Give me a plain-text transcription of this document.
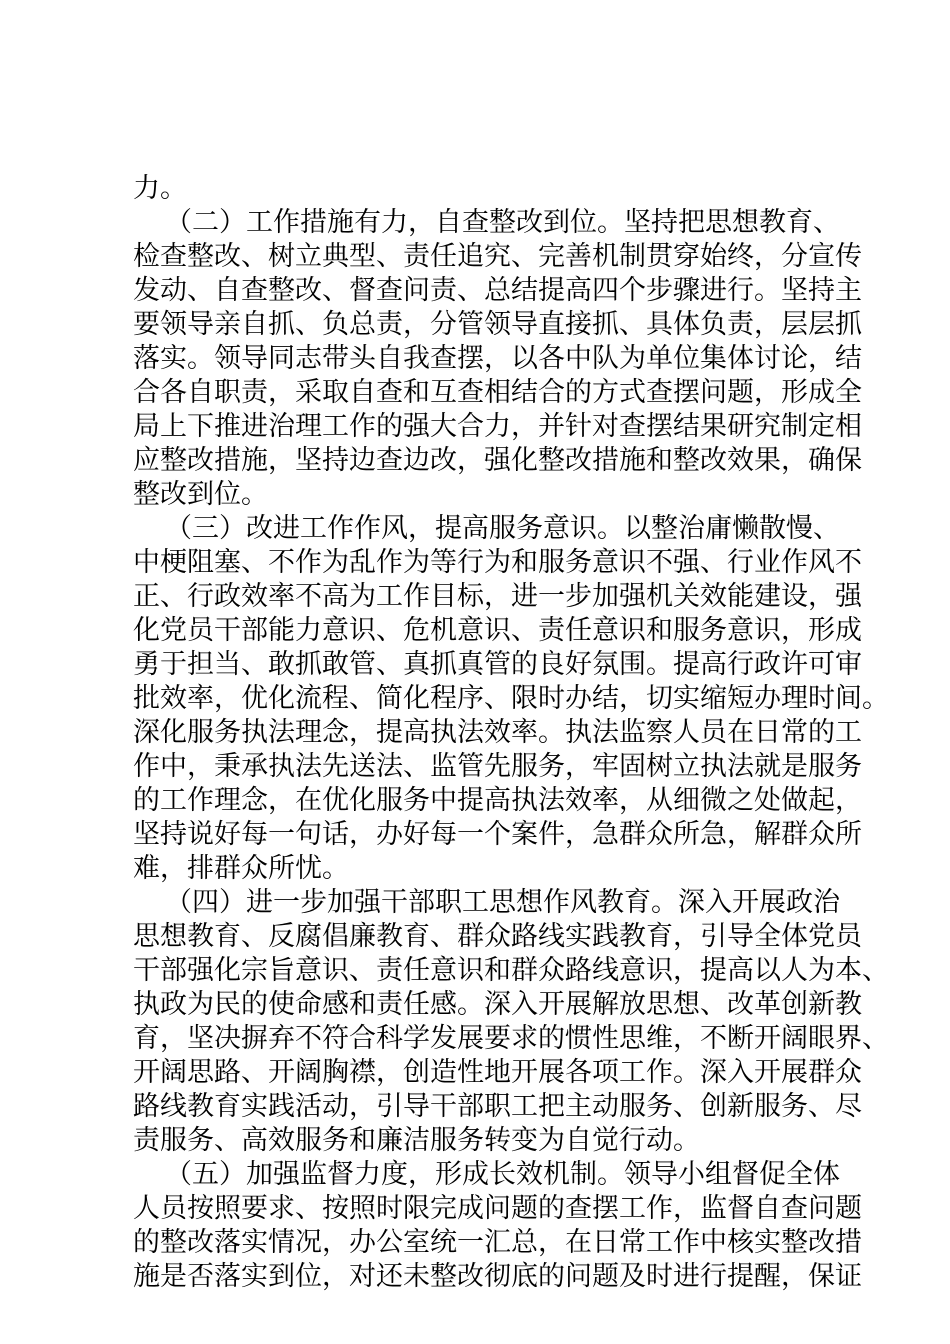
力。
（二）工作措施有力，自查整改到位。坚持把思想教育、
检查整改、树立典型、责任追究、完善机制贯穿始终，分宣传
发动、自查整改、督查问责、总结提高四个步骤进行。坚持主
要领导亲自抓、负总责，分管领导直接抓、具体负责，层层抓
落实。领导同志带头自我查摆，以各中队为单位集体讨论，结
合各自职责，采取自查和互查相结合的方式查摆问题，形成全
局上下推进治理工作的强大合力，并针对查摆结果研究制定相
应整改措施，坚持边查边改，强化整改措施和整改效果，确保
整改到位。
（三）改进工作作风，提高服务意识。以整治庸懒散慢、
中梗阻塞、不作为乱作为等行为和服务意识不强、行业作风不
正、行政效率不高为工作目标，进一步加强机关效能建设，强
化党员干部能力意识、危机意识、责任意识和服务意识，形成
勇于担当、敢抓敢管、真抓真管的良好氛围。提高行政许可审
批效率，优化流程、简化程序、限时办结，切实缩短办理时间。
深化服务执法理念，提高执法效率。执法监察人员在日常的工
作中，秉承执法先送法、监管先服务，牢固树立执法就是服务
的工作理念，在优化服务中提高执法效率，从细微之处做起，
坚持说好每一句话，办好每一个案件，急群众所急，解群众所
难，排群众所忧。
（四）进一步加强干部职工思想作风教育。深入开展政治
思想教育、反腐倡廉教育、群众路线实践教育，引导全体党员
干部强化宗旨意识、责任意识和群众路线意识，提高以人为本、
执政为民的使命感和责任感。深入开展解放思想、改革创新教
育，坚决摒弃不符合科学发展要求的惯性思维，不断开阔眼界、
开阔思路、开阔胸襟，创造性地开展各项工作。深入开展群众
路线教育实践活动，引导干部职工把主动服务、创新服务、尽
责服务、高效服务和廉洁服务转变为自觉行动。
（五）加强监督力度，形成长效机制。领导小组督促全体
人员按照要求、按照时限完成问题的查摆工作，监督自查问题
的整改落实情况，办公室统一汇总，在日常工作中核实整改措
施是否落实到位，对还未整改彻底的问题及时进行提醒，保证
